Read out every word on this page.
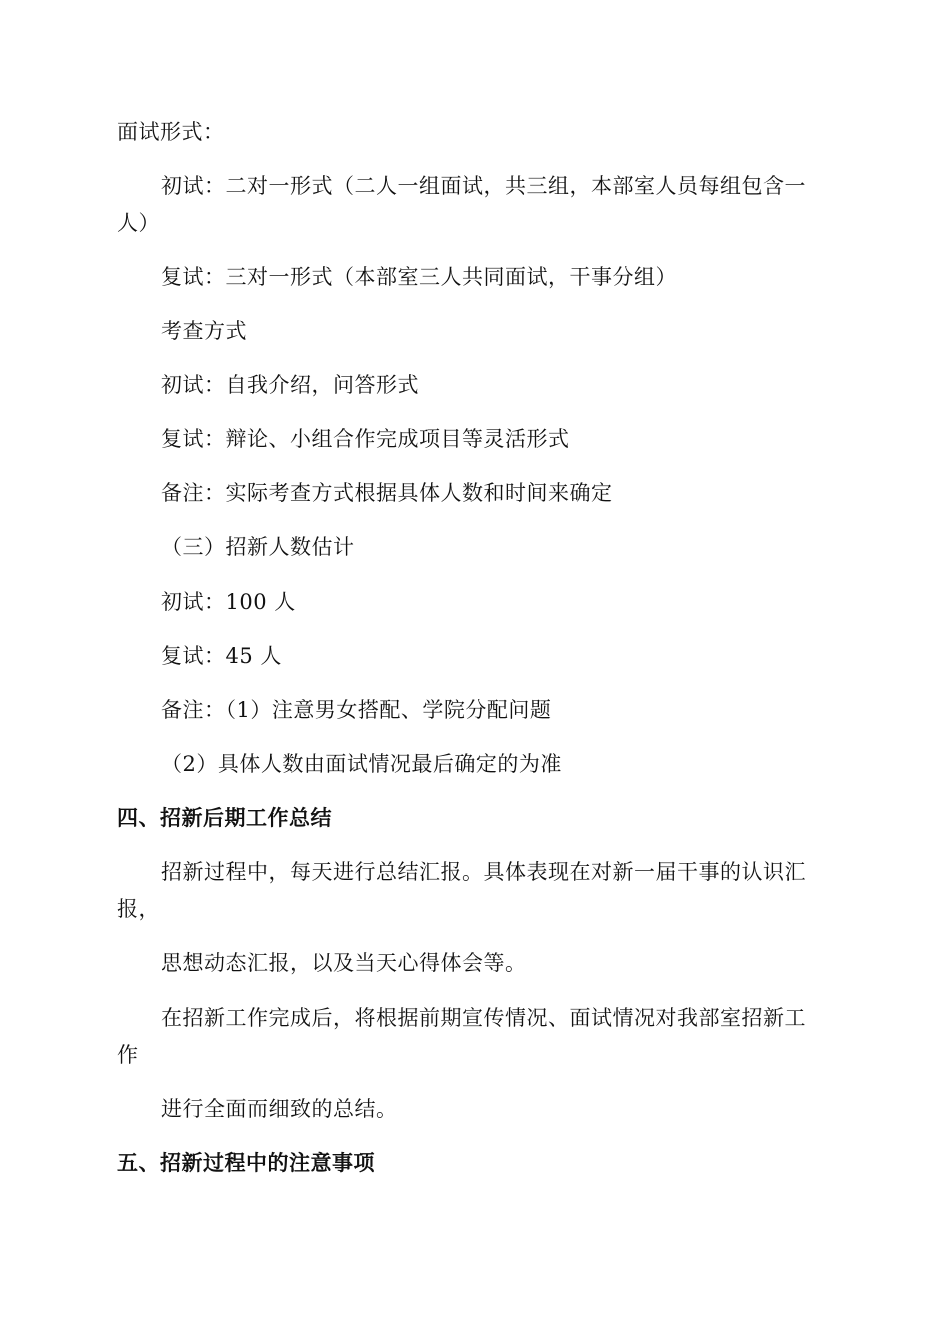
面试形式：
初试：二对一形式（二人一组面试，共三组，本部室人员每组包含一
人）
复试：三对一形式（本部室三人共同面试，干事分组）
考查方式
初试：自我介绍，问答形式
复试：辩论、小组合作完成项目等灵活形式
备注：实际考查方式根据具体人数和时间来确定
（三）招新人数估计
初试：100 人
复试：45 人
备注：（1）注意男女搭配、学院分配问题
（2）具体人数由面试情况最后确定的为准
四、招新后期工作总结
招新过程中，每天进行总结汇报。具体表现在对新一届干事的认识汇
报，
思想动态汇报，以及当天心得体会等。
在招新工作完成后，将根据前期宣传情况、面试情况对我部室招新工
作
进行全面而细致的总结。
五、招新过程中的注意事项
